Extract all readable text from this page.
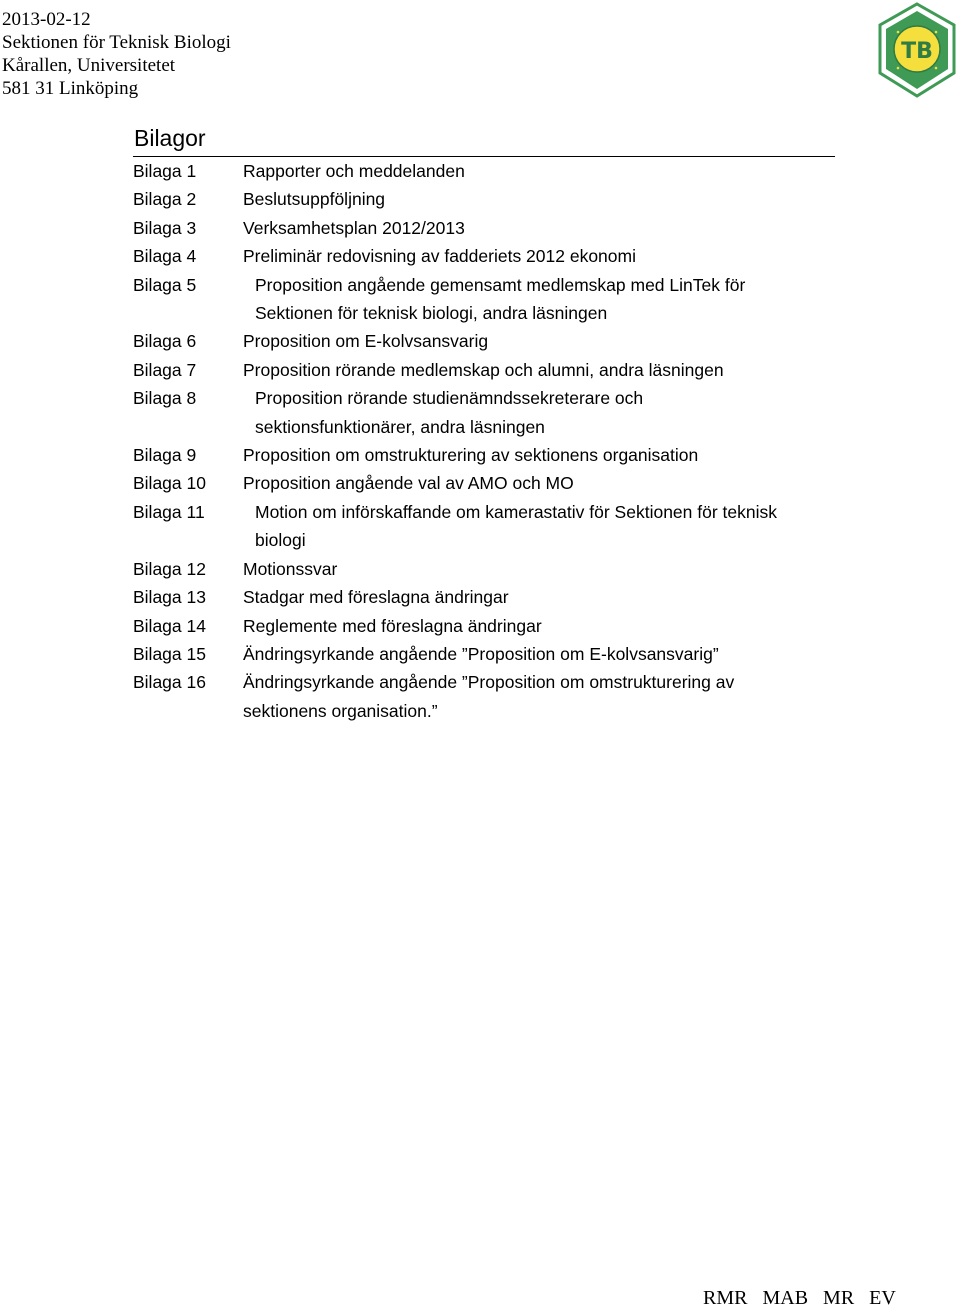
2013-02-12
Sektionen för Teknisk Biologi
Kårallen, Universitetet
581 31 Linköping
TB
Bilagor
Bilaga 1	Rapporter och meddelanden
Bilaga 2	Beslutsuppföljning
Bilaga 3	Verksamhetsplan 2012/2013
Bilaga 4	Preliminär redovisning av fadderiets 2012 ekonomi
Bilaga 5	Proposition angående gemensamt medlemskap med LinTek för
Sektionen för teknisk biologi, andra läsningen
Bilaga 6	Proposition om E-kolvsansvarig
Bilaga 7	Proposition rörande medlemskap och alumni, andra läsningen
Bilaga 8	Proposition rörande studienämndssekreterare och
sektionsfunktionärer, andra läsningen
Bilaga 9	Proposition om omstrukturering av sektionens organisation
Bilaga 10	Proposition angående val av AMO och MO
Bilaga 11	Motion om införskaffande om kamerastativ för Sektionen för teknisk
biologi
Bilaga 12	Motionssvar
Bilaga 13	Stadgar med föreslagna ändringar
Bilaga 14	Reglemente med föreslagna ändringar
Bilaga 15	Ändringsyrkande angående ”Proposition om E-kolvsansvarig”
Bilaga 16	Ändringsyrkande angående ”Proposition om omstrukturering av
sektionens organisation.”
RMR   MAB   MR   EV
